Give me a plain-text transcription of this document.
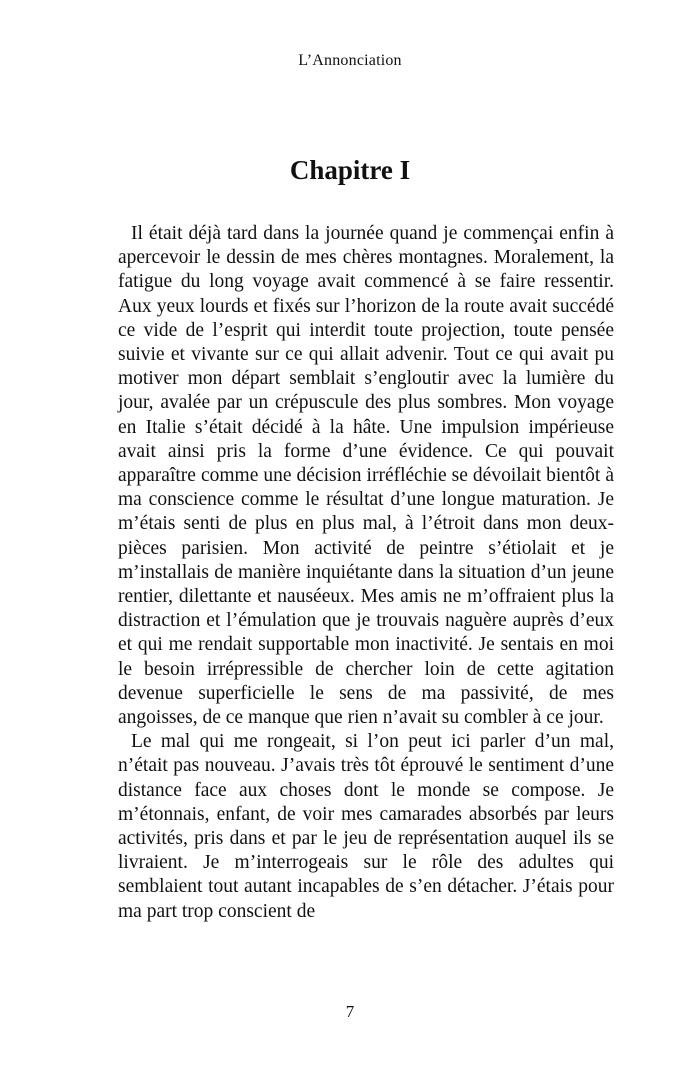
L’Annonciation
Chapitre I

Il était déjà tard dans la journée quand je commençai enfin à apercevoir le dessin de mes chères montagnes. Moralement, la fatigue du long voyage avait commencé à se faire ressentir. Aux yeux lourds et fixés sur l’horizon de la route avait succédé ce vide de l’esprit qui interdit toute projection, toute pensée suivie et vivante sur ce qui allait advenir. Tout ce qui avait pu motiver mon départ semblait s’engloutir avec la lumière du jour, avalée par un crépuscule des plus sombres. Mon voyage en Italie s’était décidé à la hâte. Une impulsion impérieuse avait ainsi pris la forme d’une évidence. Ce qui pouvait apparaître comme une décision irréfléchie se dévoilait bientôt à ma conscience comme le résultat d’une longue maturation. Je m’étais senti de plus en plus mal, à l’étroit dans mon deux-pièces parisien. Mon activité de peintre s’étiolait et je m’installais de manière inquiétante dans la situation d’un jeune rentier, dilettante et nauséeux. Mes amis ne m’offraient plus la distraction et l’émulation que je trouvais naguère auprès d’eux et qui me rendait supportable mon inactivité. Je sentais en moi le besoin irrépressible de chercher loin de cette agitation devenue superficielle le sens de ma passivité, de mes angoisses, de ce manque que rien n’avait su combler à ce jour.

Le mal qui me rongeait, si l’on peut ici parler d’un mal, n’était pas nouveau. J’avais très tôt éprouvé le sentiment d’une distance face aux choses dont le monde se compose. Je m’étonnais, enfant, de voir mes camarades absorbés par leurs activités, pris dans et par le jeu de représentation auquel ils se livraient. Je m’interrogeais sur le rôle des adultes qui semblaient tout autant incapables de s’en détacher. J’étais pour ma part trop conscient de

7
